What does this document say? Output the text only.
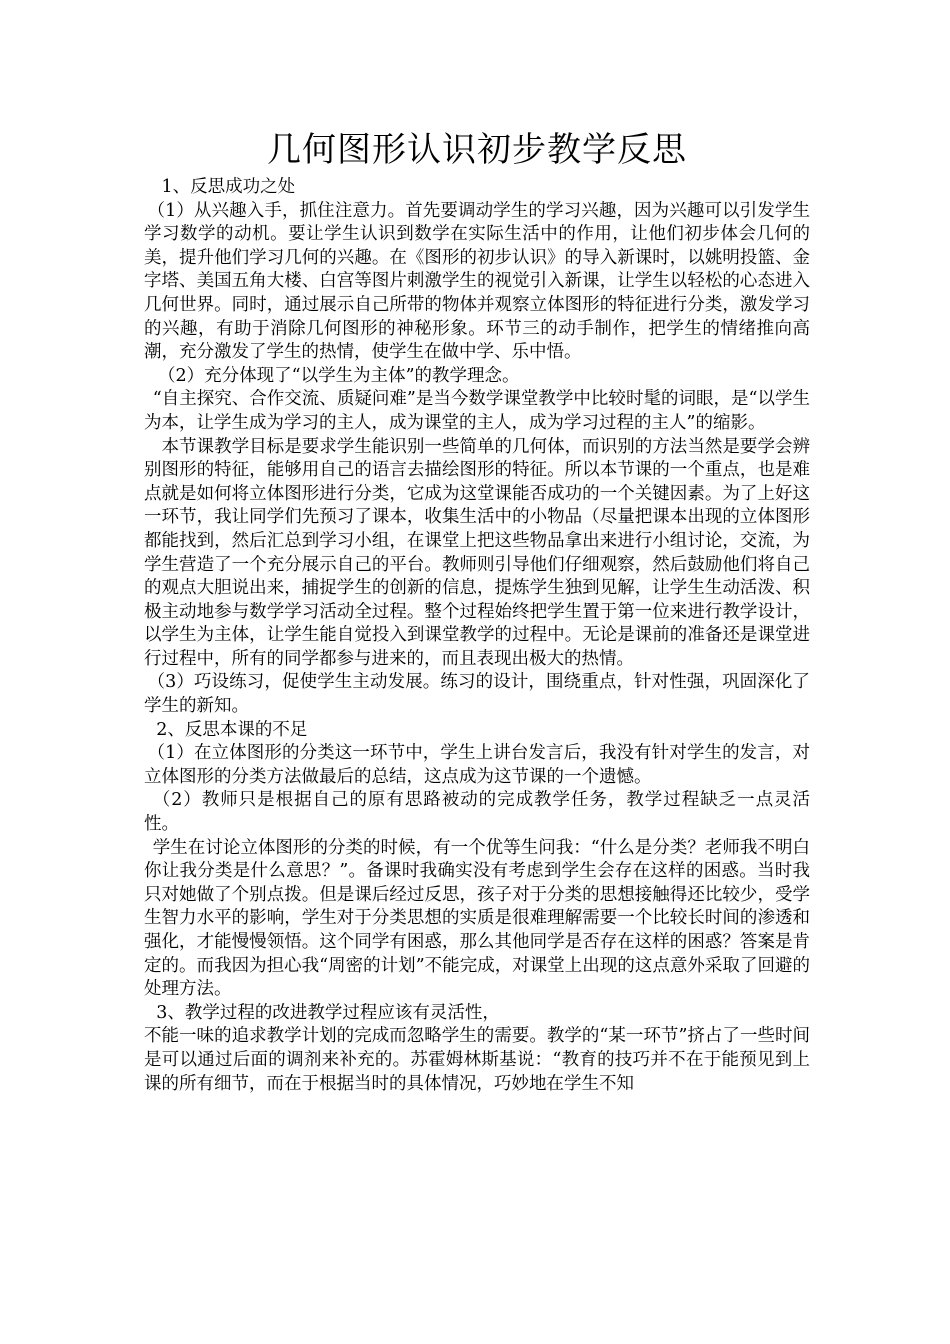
几何图形认识初步教学反思

1、反思成功之处

（1）从兴趣入手，抓住注意力。首先要调动学生的学习兴趣，因为兴趣可以引发学生学习数学的动机。要让学生认识到数学在实际生活中的作用，让他们初步体会几何的美，提升他们学习几何的兴趣。在《图形的初步认识》的导入新课时，以姚明投篮、金字塔、美国五角大楼、白宫等图片刺激学生的视觉引入新课，让学生以轻松的心态进入几何世界。同时，通过展示自己所带的物体并观察立体图形的特征进行分类，激发学习的兴趣，有助于消除几何图形的神秘形象。环节三的动手制作，把学生的情绪推向高潮，充分激发了学生的热情，使学生在做中学、乐中悟。

（2）充分体现了“以学生为主体”的教学理念。

“自主探究、合作交流、质疑问难”是当今数学课堂教学中比较时髦的词眼，是“以学生为本，让学生成为学习的主人，成为课堂的主人，成为学习过程的主人”的缩影。

本节课教学目标是要求学生能识别一些简单的几何体，而识别的方法当然是要学会辨别图形的特征，能够用自己的语言去描绘图形的特征。所以本节课的一个重点，也是难点就是如何将立体图形进行分类，它成为这堂课能否成功的一个关键因素。为了上好这一环节，我让同学们先预习了课本，收集生活中的小物品（尽量把课本出现的立体图形都能找到，然后汇总到学习小组，在课堂上把这些物品拿出来进行小组讨论，交流，为学生营造了一个充分展示自己的平台。教师则引导他们仔细观察，然后鼓励他们将自己的观点大胆说出来，捕捉学生的创新的信息，提炼学生独到见解，让学生生动活泼、积极主动地参与数学学习活动全过程。整个过程始终把学生置于第一位来进行教学设计，以学生为主体，让学生能自觉投入到课堂教学的过程中。无论是课前的准备还是课堂进行过程中，所有的同学都参与进来的，而且表现出极大的热情。

（3）巧设练习，促使学生主动发展。练习的设计，围绕重点，针对性强，巩固深化了学生的新知。

2、反思本课的不足

（1）在立体图形的分类这一环节中，学生上讲台发言后，我没有针对学生的发言，对立体图形的分类方法做最后的总结，这点成为这节课的一个遗憾。

（2）教师只是根据自己的原有思路被动的完成教学任务，教学过程缺乏一点灵活性。

学生在讨论立体图形的分类的时候，有一个优等生问我：“什么是分类？老师我不明白你让我分类是什么意思？”。备课时我确实没有考虑到学生会存在这样的困惑。当时我只对她做了个别点拨。但是课后经过反思，孩子对于分类的思想接触得还比较少，受学生智力水平的影响，学生对于分类思想的实质是很难理解需要一个比较长时间的渗透和强化，才能慢慢领悟。这个同学有困惑，那么其他同学是否存在这样的困惑？答案是肯定的。而我因为担心我“周密的计划”不能完成，对课堂上出现的这点意外采取了回避的处理方法。

3、教学过程的改进教学过程应该有灵活性，

不能一味的追求教学计划的完成而忽略学生的需要。教学的“某一环节”挤占了一些时间是可以通过后面的调剂来补充的。苏霍姆林斯基说：“教育的技巧并不在于能预见到上课的所有细节，而在于根据当时的具体情况，巧妙地在学生不知
